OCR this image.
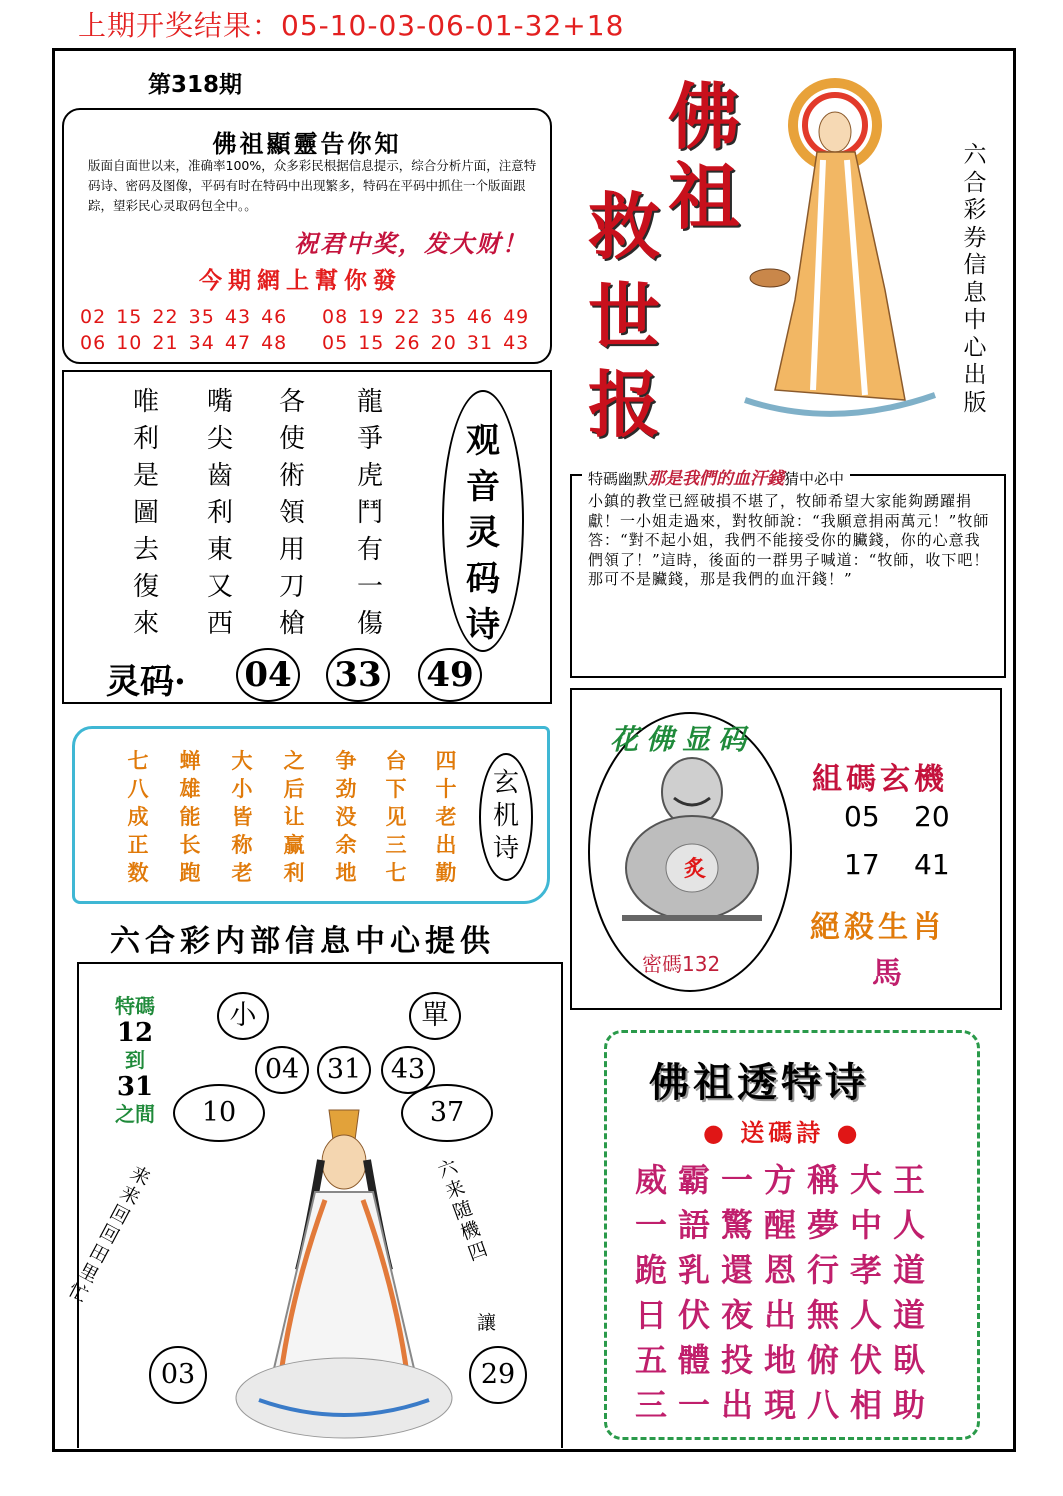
上期开奖结果：05-10-03-06-01-32+18
第318期
佛祖顯靈告你知
版面自面世以来，准确率100%，众多彩民根据信息提示，综合分析片面，注意特码诗、密码及图像，平码有时在特码中出现繁多，特码在平码中抓住一个版面跟踪，望彩民心灵取码包全中。。
祝君中奖，发大财！
今期網上幫你發
02 15 22 35 43 46 08 19 22 35 46 49
06 10 21 34 47 48 05 15 26 20 31 43
佛
祖
救
世
报
六合彩券信息中心出版
唯利是圖去復來
嘴尖齒利東又西
各使術領用刀槍
龍爭虎鬥有一傷
观音灵码诗
灵码· 04 33 49
特碼幽默那是我們的血汗錢猜中必中
小鎮的教堂已經破損不堪了，牧師希望大家能夠踴躍捐獻！一小姐走過來，對牧師說：“我願意捐兩萬元！”牧師答：“對不起小姐，我們不能接受你的臟錢，你的心意我們領了！”這時，後面的一群男子喊道：“牧師，收下吧！那可不是臟錢，那是我們的血汗錢！”
七八成正数
蝉雄能长跑
大小皆称老
之后让赢利
争劲没余地
台下见三七
四十老出勤
玄机诗
六合彩内部信息中心提供
花佛显码
炙
密碼132
組碼玄機
05 20
17 41
絕殺生肖
馬
小	單
04	31	43
10	37
03	29
特碼
12
到
31
之間
来来回回田里忙
六来随機四
讓
佛祖透特诗
● 送碼詩 ●
威霸一方稱大王
一語驚醒夢中人
跪乳還恩行孝道
日伏夜出無人道
五體投地俯伏臥
三一出現八相助
